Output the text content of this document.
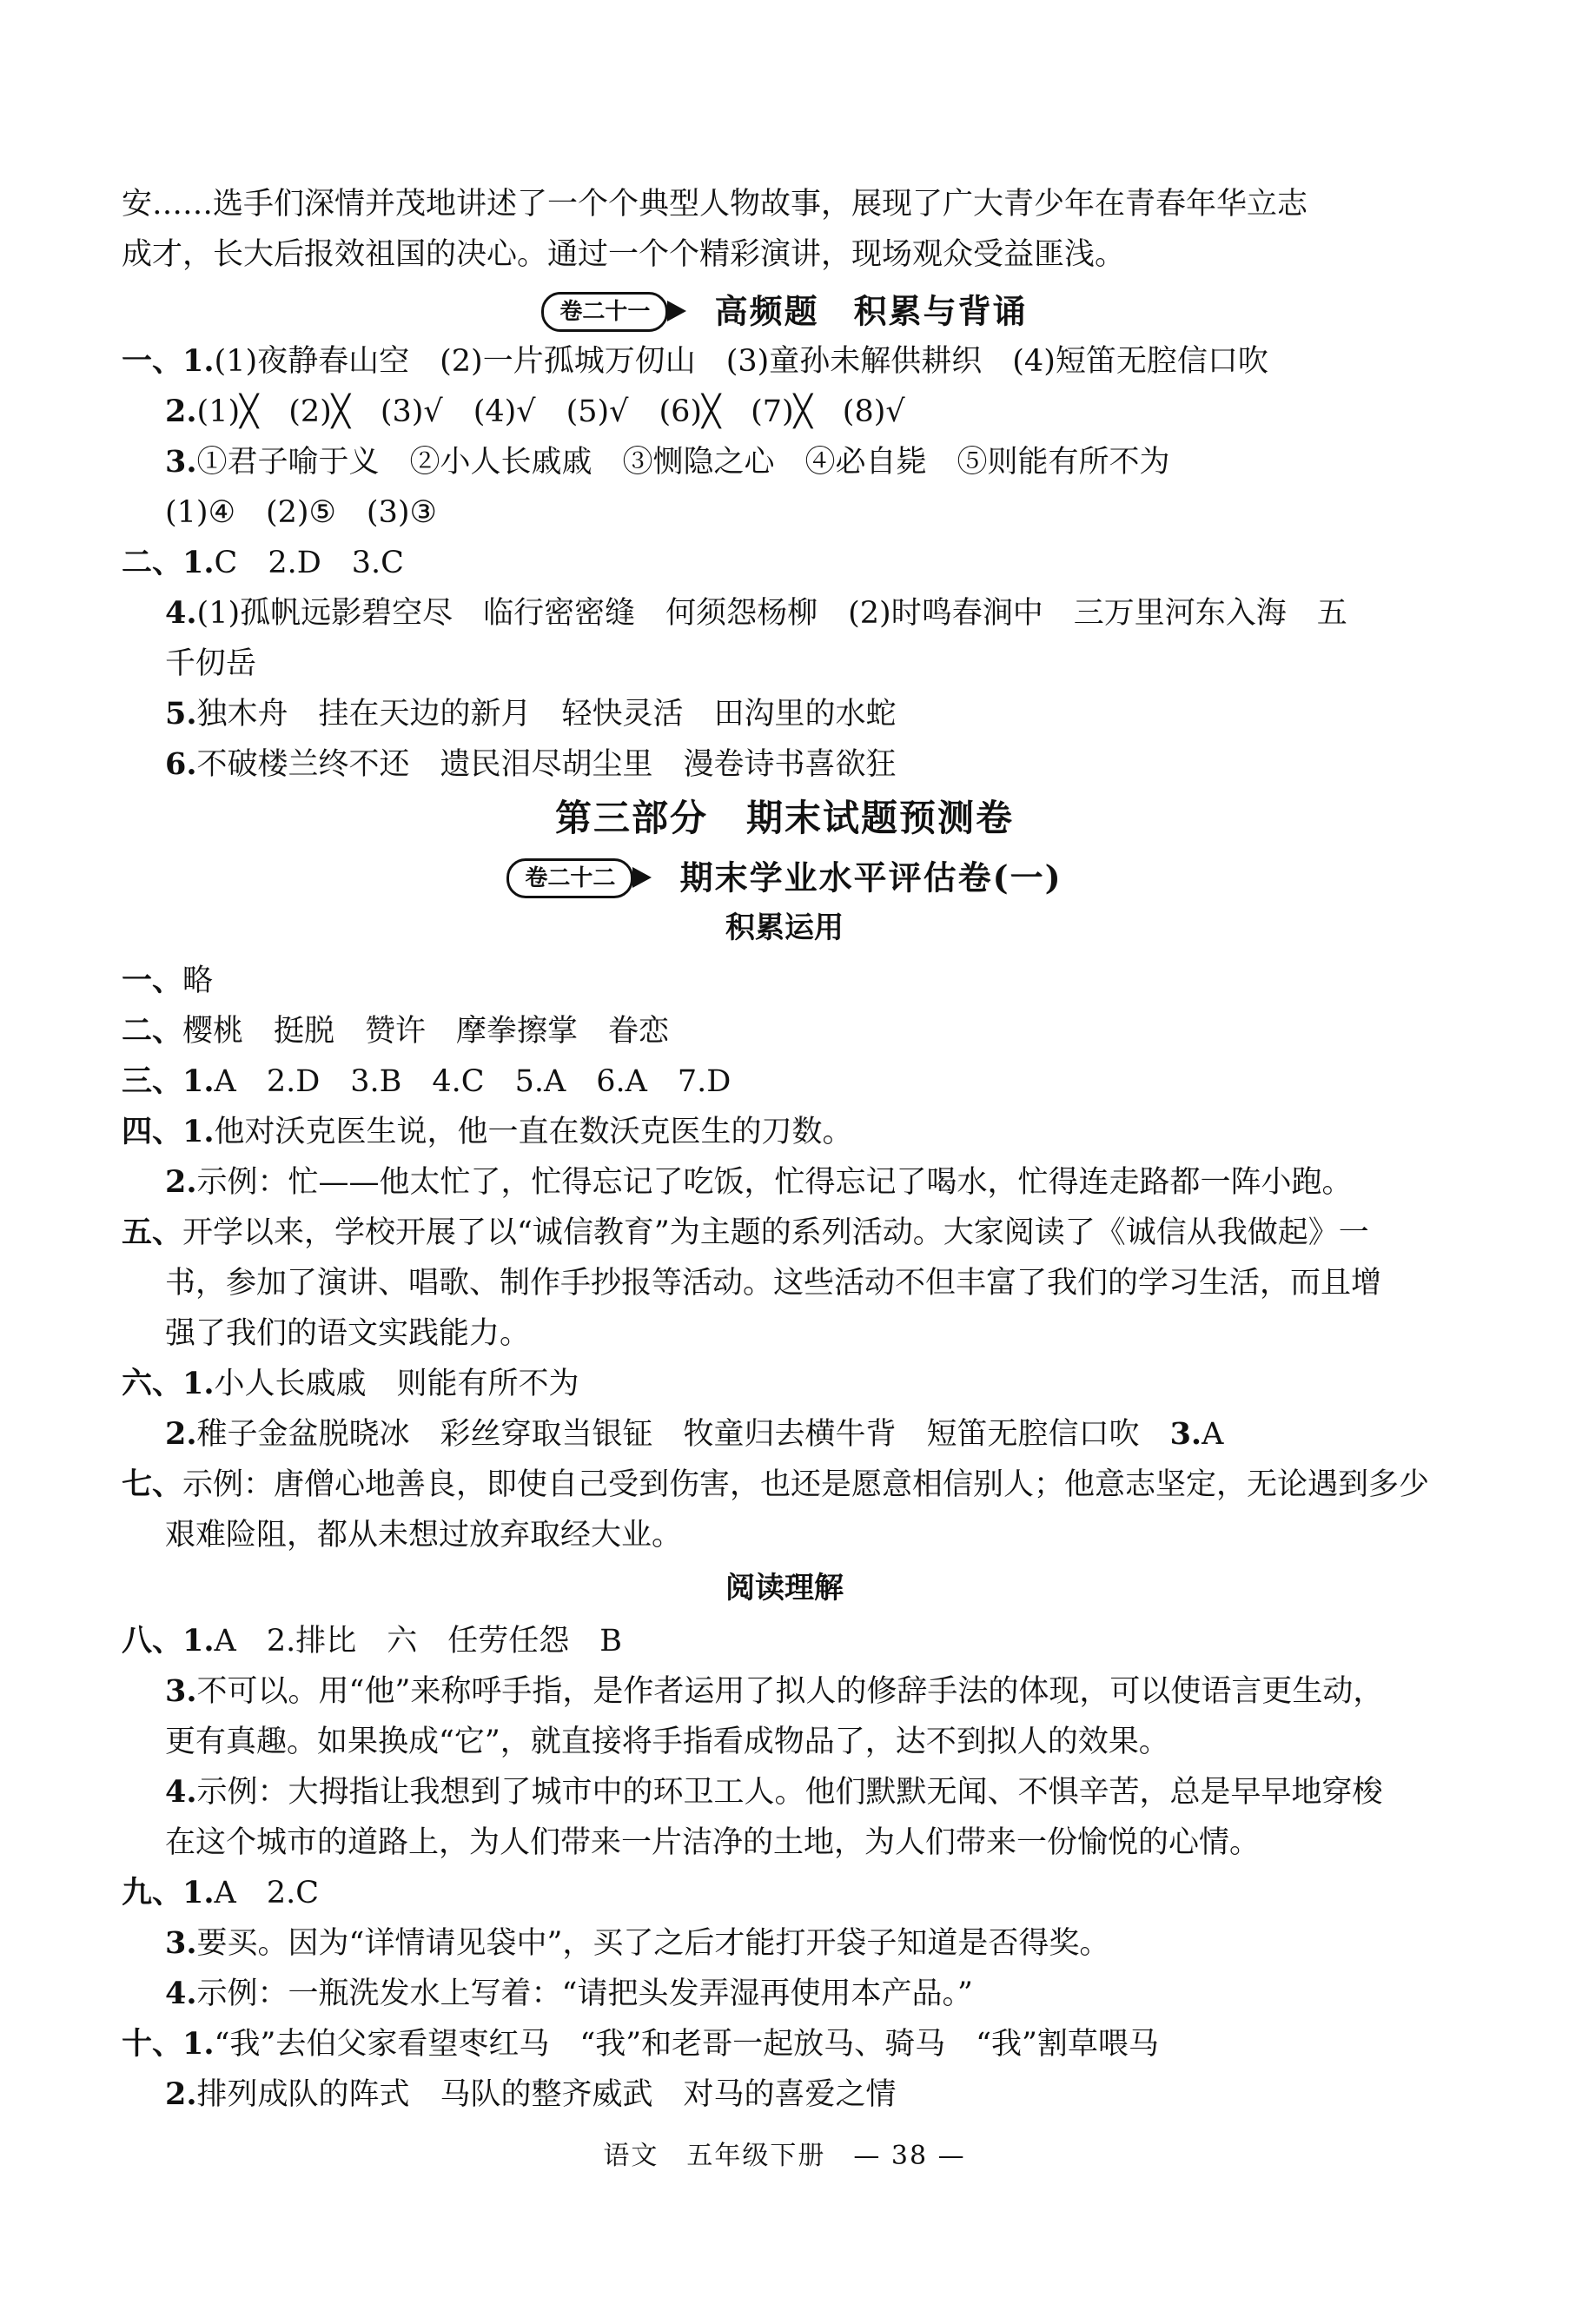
安……选手们深情并茂地讲述了一个个典型人物故事，展现了广大青少年在青春年华立志
成才，长大后报效祖国的决心。通过一个个精彩演讲，现场观众受益匪浅。
卷二十一 高频题　积累与背诵
一、1.(1)夜静春山空　(2)一片孤城万仞山　(3)童孙未解供耕织　(4)短笛无腔信口吹
2.(1)╳　(2)╳　(3)√　(4)√　(5)√　(6)╳　(7)╳　(8)√
3.①君子喻于义　②小人长戚戚　③恻隐之心　④必自毙　⑤则能有所不为
(1)④　(2)⑤　(3)③
二、1.C　2.D　3.C
4.(1)孤帆远影碧空尽　临行密密缝　何须怨杨柳　(2)时鸣春涧中　三万里河东入海　五
千仞岳
5.独木舟　挂在天边的新月　轻快灵活　田沟里的水蛇
6.不破楼兰终不还　遗民泪尽胡尘里　漫卷诗书喜欲狂
第三部分　期末试题预测卷
卷二十二 期末学业水平评估卷(一)
积累运用
一、略
二、樱桃　挺脱　赞许　摩拳擦掌　眷恋
三、1.A　2.D　3.B　4.C　5.A　6.A　7.D
四、1.他对沃克医生说，他一直在数沃克医生的刀数。
2.示例：忙——他太忙了，忙得忘记了吃饭，忙得忘记了喝水，忙得连走路都一阵小跑。
五、开学以来，学校开展了以“诚信教育”为主题的系列活动。大家阅读了《诚信从我做起》一
书，参加了演讲、唱歌、制作手抄报等活动。这些活动不但丰富了我们的学习生活，而且增
强了我们的语文实践能力。
六、1.小人长戚戚　则能有所不为
2.稚子金盆脱晓冰　彩丝穿取当银钲　牧童归去横牛背　短笛无腔信口吹　3.A
七、示例：唐僧心地善良，即使自己受到伤害，也还是愿意相信别人；他意志坚定，无论遇到多少
艰难险阻，都从未想过放弃取经大业。
阅读理解
八、1.A　2.排比　六　任劳任怨　B
3.不可以。用“他”来称呼手指，是作者运用了拟人的修辞手法的体现，可以使语言更生动，
更有真趣。如果换成“它”，就直接将手指看成物品了，达不到拟人的效果。
4.示例：大拇指让我想到了城市中的环卫工人。他们默默无闻、不惧辛苦，总是早早地穿梭
在这个城市的道路上，为人们带来一片洁净的土地，为人们带来一份愉悦的心情。
九、1.A　2.C
3.要买。因为“详情请见袋中”，买了之后才能打开袋子知道是否得奖。
4.示例：一瓶洗发水上写着：“请把头发弄湿再使用本产品。”
十、1.“我”去伯父家看望枣红马　“我”和老哥一起放马、骑马　“我”割草喂马
2.排列成队的阵式　马队的整齐威武　对马的喜爱之情
语文　五年级下册　— 38 —
